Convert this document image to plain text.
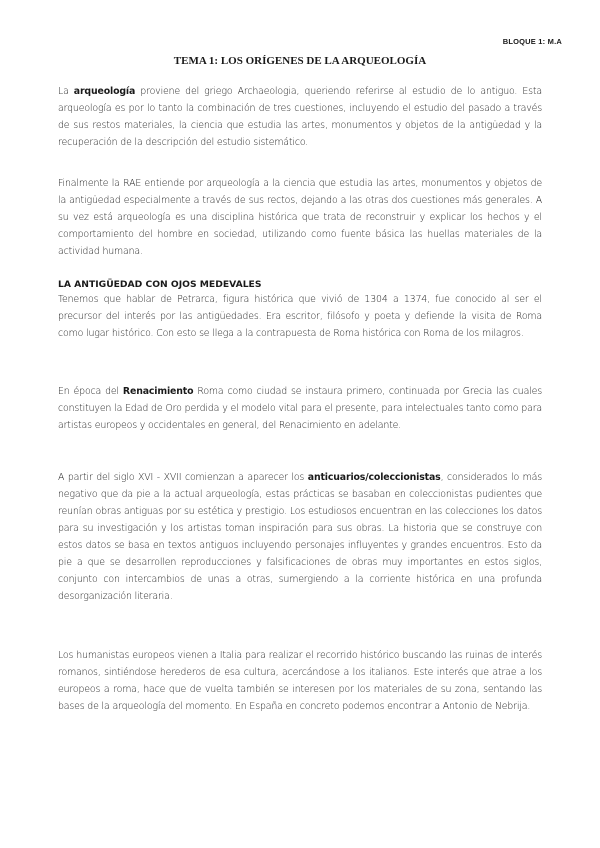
BLOQUE 1: M.A
TEMA 1: LOS ORÍGENES DE LA ARQUEOLOGÍA
La arqueología proviene del griego Archaeologia, queriendo referirse al estudio de lo antiguo. Esta arqueología es por lo tanto la combinación de tres cuestiones, incluyendo el estudio del pasado a través de sus restos materiales, la ciencia que estudia las artes, monumentos y objetos de la antigüedad y la recuperación de la descripción del estudio sistemático.
Finalmente la RAE entiende por arqueología a la ciencia que estudia las artes, monumentos y objetos de la antigüedad especialmente a través de sus rectos, dejando a las otras dos cuestiones más generales. A su vez está arqueología es una disciplina histórica que trata de reconstruir y explicar los hechos y el comportamiento del hombre en sociedad, utilizando como fuente básica las huellas materiales de la actividad humana.
LA ANTIGÜEDAD CON OJOS MEDEVALES
Tenemos que hablar de Petrarca, figura histórica que vivió de 1304 a 1374, fue conocido al ser el precursor del interés por las antigüedades. Era escritor, filósofo y poeta y defiende la visita de Roma como lugar histórico. Con esto se llega a la contrapuesta de Roma histórica con Roma de los milagros.
En época del Renacimiento Roma como ciudad se instaura primero, continuada por Grecia las cuales constituyen la Edad de Oro perdida y el modelo vital para el presente, para intelectuales tanto como para artistas europeos y occidentales en general, del Renacimiento en adelante.
A partir del siglo XVI - XVII comienzan a aparecer los anticuarios/coleccionistas, considerados lo más negativo que da pie a la actual arqueología, estas prácticas se basaban en coleccionistas pudientes que reunían obras antiguas por su estética y prestigio. Los estudiosos encuentran en las colecciones los datos para su investigación y los artistas toman inspiración para sus obras. La historia que se construye con estos datos se basa en textos antiguos incluyendo personajes influyentes y grandes encuentros. Esto da pie a que se desarrollen reproducciones y falsificaciones de obras muy importantes en estos siglos, conjunto con intercambios de unas a otras, sumergiendo a la corriente histórica en una profunda desorganización literaria.
Los humanistas europeos vienen a Italia para realizar el recorrido histórico buscando las ruinas de interés romanos, sintiéndose herederos de esa cultura, acercándose a los italianos. Este interés que atrae a los europeos a roma, hace que de vuelta también se interesen por los materiales de su zona, sentando las bases de la arqueología del momento. En España en concreto podemos encontrar a Antonio de Nebrija.
